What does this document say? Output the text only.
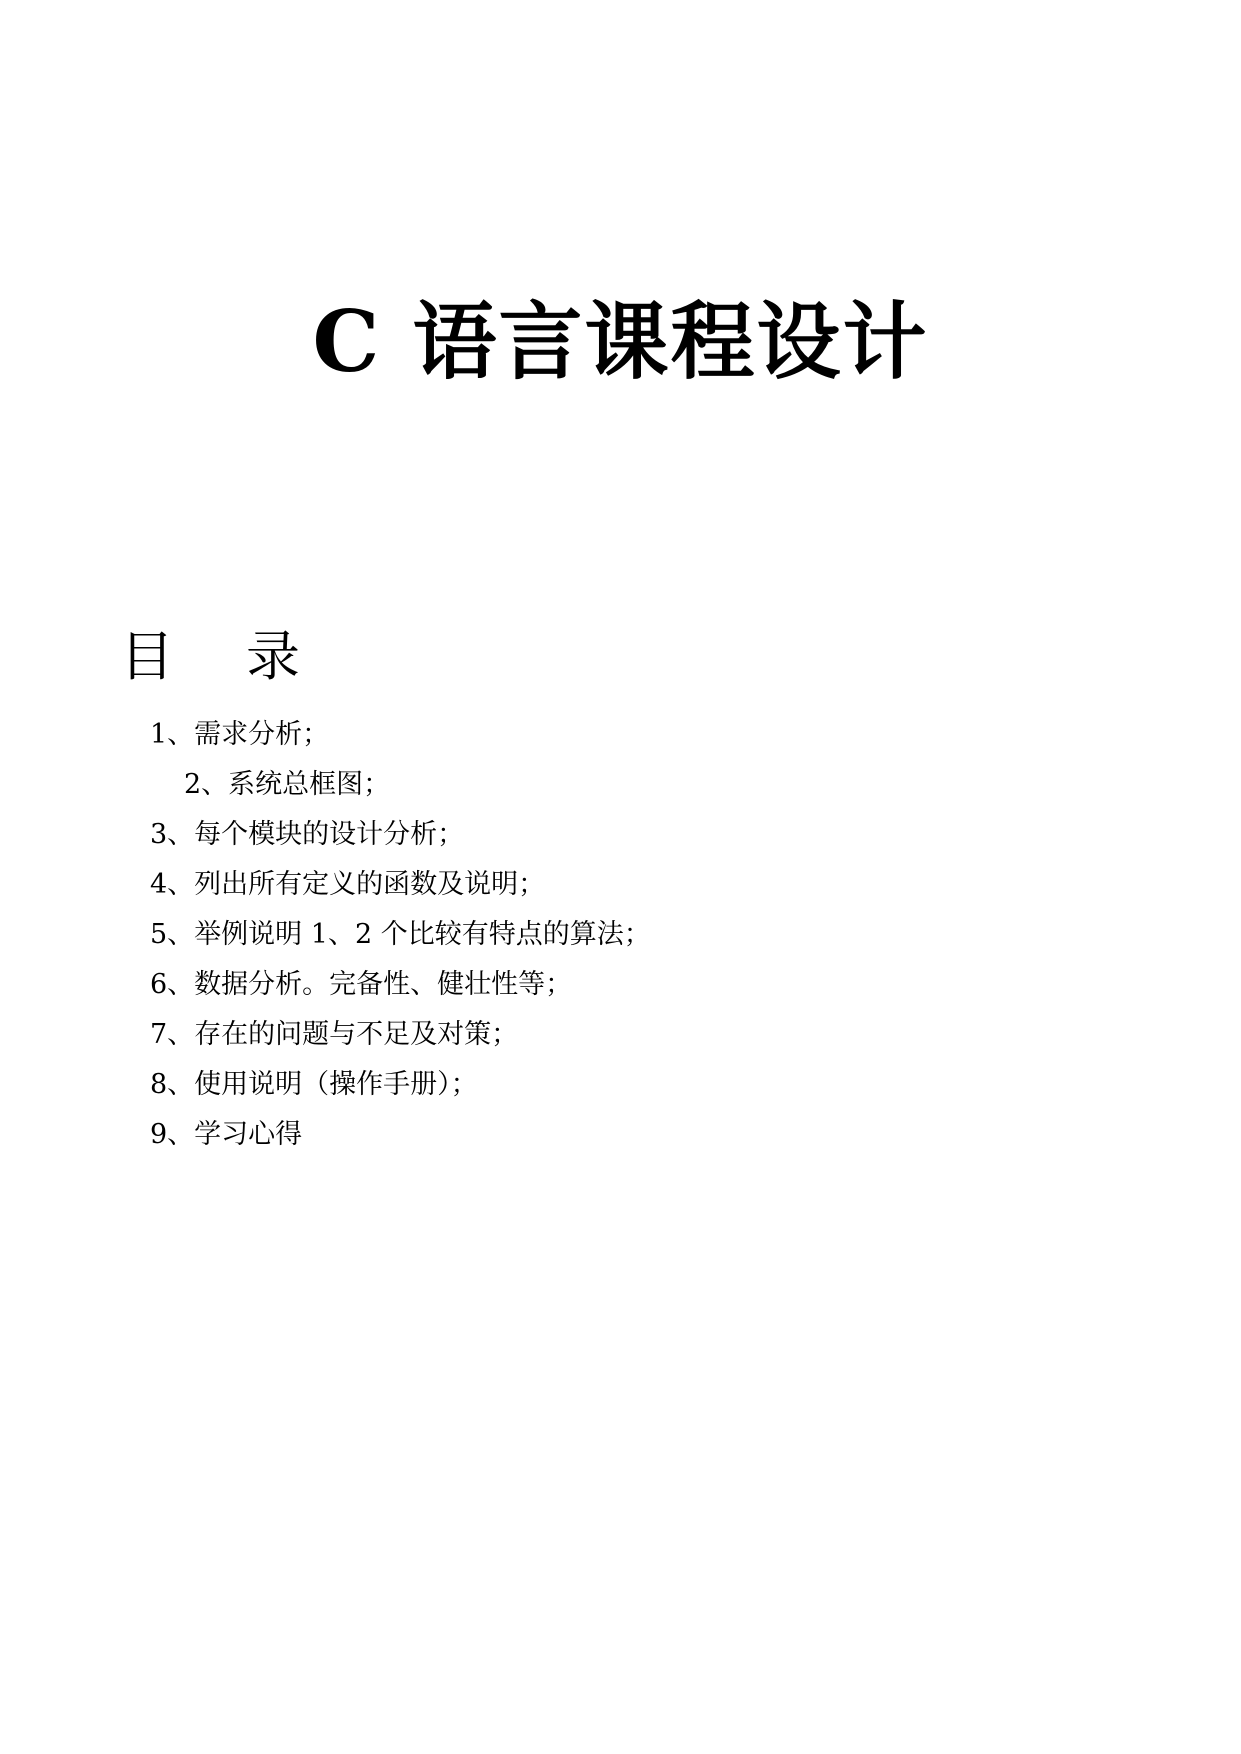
C 语言课程设计
目 录
1、需求分析；
2、系统总框图；
3、每个模块的设计分析；
4、列出所有定义的函数及说明；
5、举例说明 1、2 个比较有特点的算法；
6、数据分析。完备性、健壮性等；
7、存在的问题与不足及对策；
8、使用说明（操作手册）；
9、学习心得
